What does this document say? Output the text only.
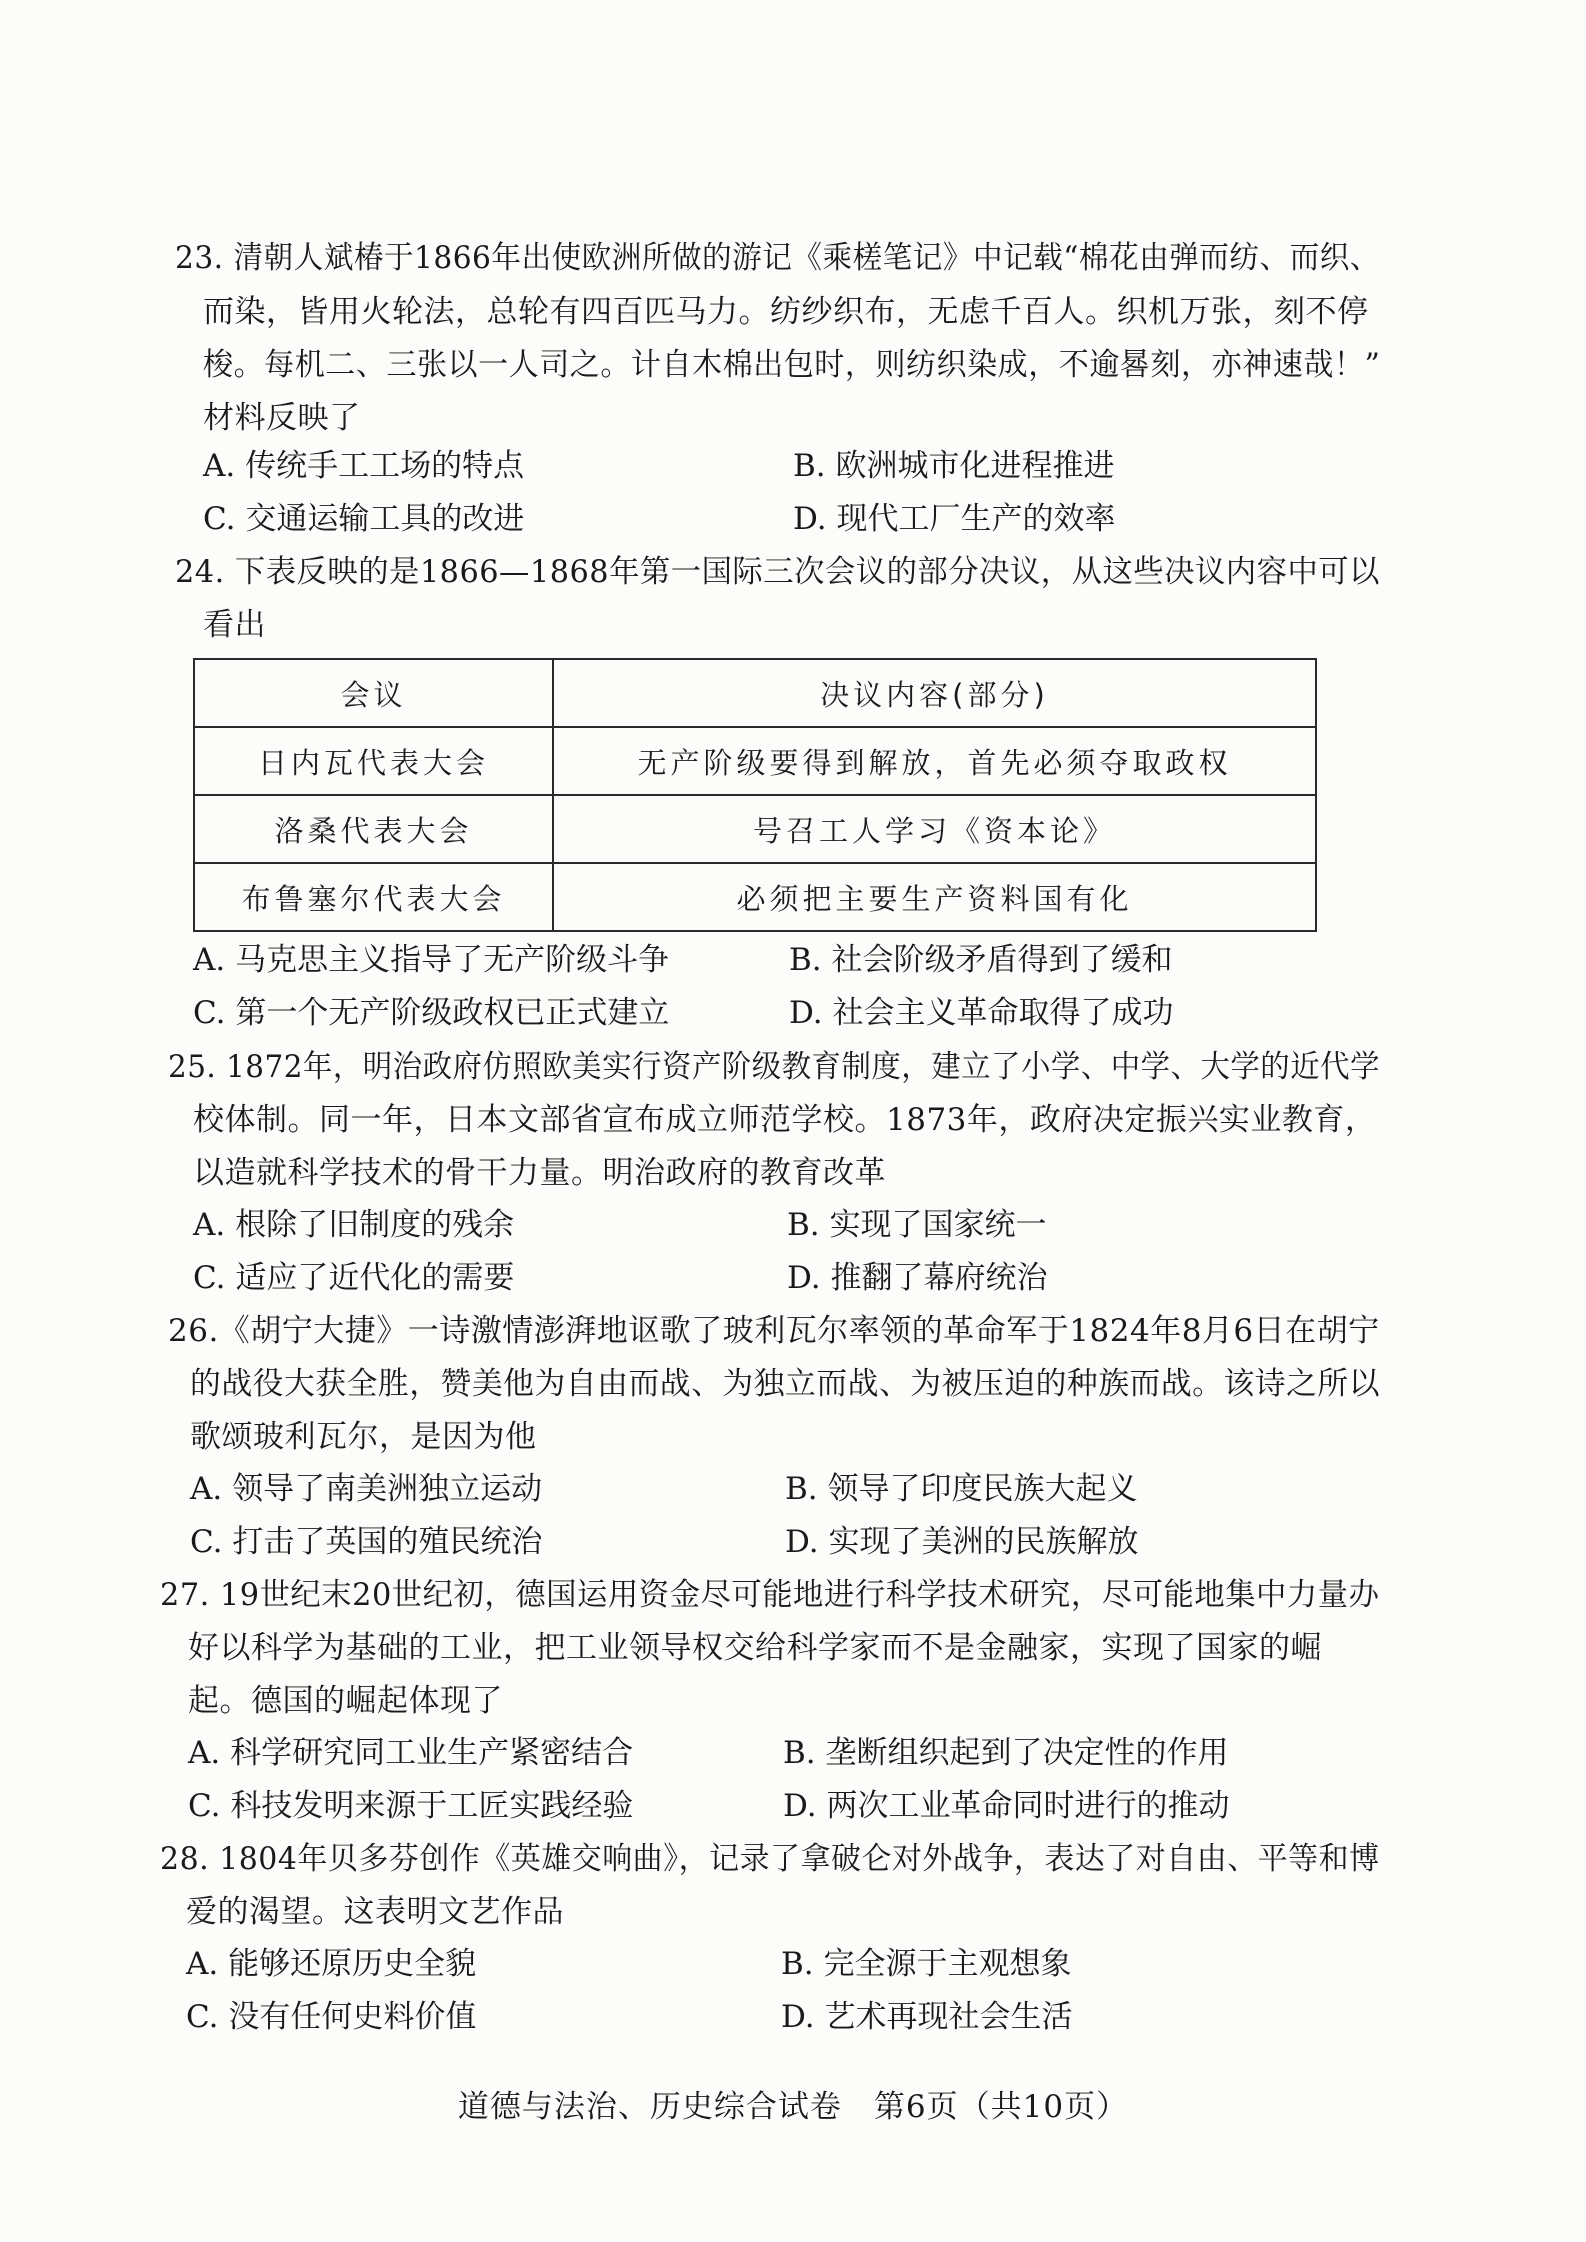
23. 清朝人斌椿于1866年出使欧洲所做的游记《乘槎笔记》中记载“棉花由弹而纺、而织、
而染，皆用火轮法，总轮有四百匹马力。纺纱织布，无虑千百人。织机万张，刻不停
梭。每机二、三张以一人司之。计自木棉出包时，则纺织染成，不逾晷刻，亦神速哉！”
材料反映了
A. 传统手工工场的特点	B. 欧洲城市化进程推进
C. 交通运输工具的改进	D. 现代工厂生产的效率
24. 下表反映的是1866—1868年第一国际三次会议的部分决议，从这些决议内容中可以
看出
会议	决议内容(部分)
日内瓦代表大会	无产阶级要得到解放，首先必须夺取政权
洛桑代表大会	号召工人学习《资本论》
布鲁塞尔代表大会	必须把主要生产资料国有化
A. 马克思主义指导了无产阶级斗争	B. 社会阶级矛盾得到了缓和
C. 第一个无产阶级政权已正式建立	D. 社会主义革命取得了成功
25. 1872年，明治政府仿照欧美实行资产阶级教育制度，建立了小学、中学、大学的近代学
校体制。同一年，日本文部省宣布成立师范学校。1873年，政府决定振兴实业教育，
以造就科学技术的骨干力量。明治政府的教育改革
A. 根除了旧制度的残余	B. 实现了国家统一
C. 适应了近代化的需要	D. 推翻了幕府统治
26.《胡宁大捷》一诗激情澎湃地讴歌了玻利瓦尔率领的革命军于1824年8月6日在胡宁
的战役大获全胜，赞美他为自由而战、为独立而战、为被压迫的种族而战。该诗之所以
歌颂玻利瓦尔，是因为他
A. 领导了南美洲独立运动	B. 领导了印度民族大起义
C. 打击了英国的殖民统治	D. 实现了美洲的民族解放
27. 19世纪末20世纪初，德国运用资金尽可能地进行科学技术研究，尽可能地集中力量办
好以科学为基础的工业，把工业领导权交给科学家而不是金融家，实现了国家的崛
起。德国的崛起体现了
A. 科学研究同工业生产紧密结合	B. 垄断组织起到了决定性的作用
C. 科技发明来源于工匠实践经验	D. 两次工业革命同时进行的推动
28. 1804年贝多芬创作《英雄交响曲》，记录了拿破仑对外战争，表达了对自由、平等和博
爱的渴望。这表明文艺作品
A. 能够还原历史全貌	B. 完全源于主观想象
C. 没有任何史料价值	D. 艺术再现社会生活
道德与法治、历史综合试卷　第6页（共10页）
